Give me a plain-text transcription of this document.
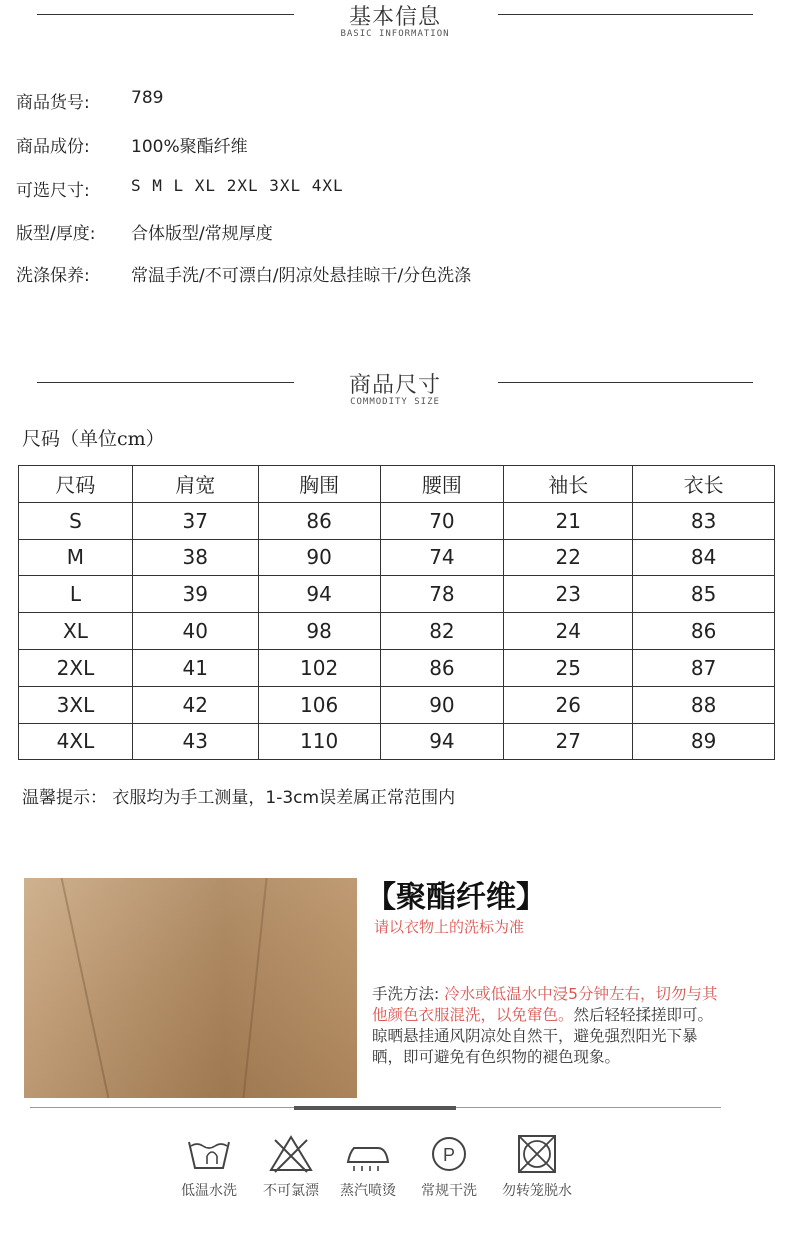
基本信息
BASIC INFORMATION
商品货号:	789
商品成份:	100%聚酯纤维
可选尺寸:	S M L XL 2XL 3XL 4XL
版型/厚度:	合体版型/常规厚度
洗涤保养:	常温手洗/不可漂白/阴凉处悬挂晾干/分色洗涤
商品尺寸
COMMODITY SIZE
尺码（单位cm）
尺码	肩宽	胸围	腰围	袖长	衣长
S	37	86	70	21	83
M	38	90	74	22	84
L	39	94	78	23	85
XL	40	98	82	24	86
2XL	41	102	86	25	87
3XL	42	106	90	26	88
4XL	43	110	94	27	89
温馨提示： 衣服均为手工测量，1-3cm误差属正常范围内
【聚酯纤维】
请以衣物上的洗标为准
手洗方法: 冷水或低温水中浸5分钟左右，切勿与其他颜色衣服混洗，以免窜色。然后轻轻揉搓即可。晾晒悬挂通风阴凉处自然干，避免强烈阳光下暴晒，即可避免有色织物的褪色现象。
低温水洗	不可氯漂	蒸汽喷烫
P
常规干洗	勿转笼脱水
